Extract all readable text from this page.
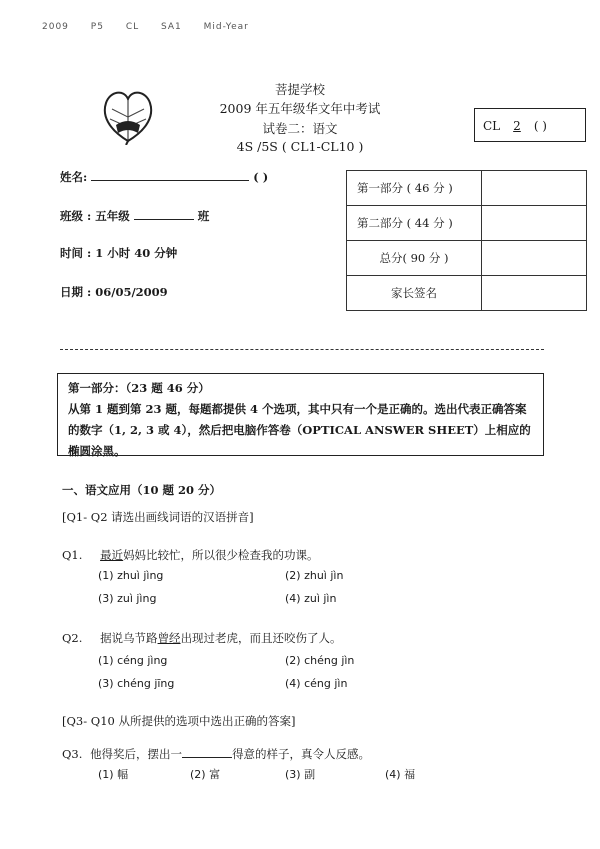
2009 P5 CL SA1 Mid-Year
菩提学校
2009 年五年级华文年中考试
试卷二：语文
4S /5S ( CL1-CL10 )
CL 2 ( )
姓名:	( )
班级 : 五年级	班
时间 : 1 小时 40 分钟
日期 : 06/05/2009
第一部分 ( 46 分 )	
第二部分 ( 44 分 )	
总分( 90 分 )	
家长签名	
第一部分：（23 题 46 分）
从第 1 题到第 23 题，每题都提供 4 个选项，其中只有一个是正确的。选出代表正确答案的数字（1, 2, 3 或 4），然后把电脑作答卷（OPTICAL ANSWER SHEET）上相应的椭圆涂黑。
一、语文应用（10 题 20 分）
[Q1- Q2 请选出画线词语的汉语拼音]
Q1. 最近妈妈比较忙，所以很少检查我的功课。
(1) zhuì jìng	(2) zhuì jìn
(3) zuì jìng	(4) zuì jìn
Q2. 据说乌节路曾经出现过老虎，而且还咬伤了人。
(1) céng jìng	(2) chéng jìn
(3) chéng jīng	(4) céng jìn
[Q3- Q10 从所提供的选项中选出正确的答案]
Q3. 他得奖后，摆出一	得意的样子，真令人反感。
(1) 幅	(2) 富	(3) 副	(4) 福
